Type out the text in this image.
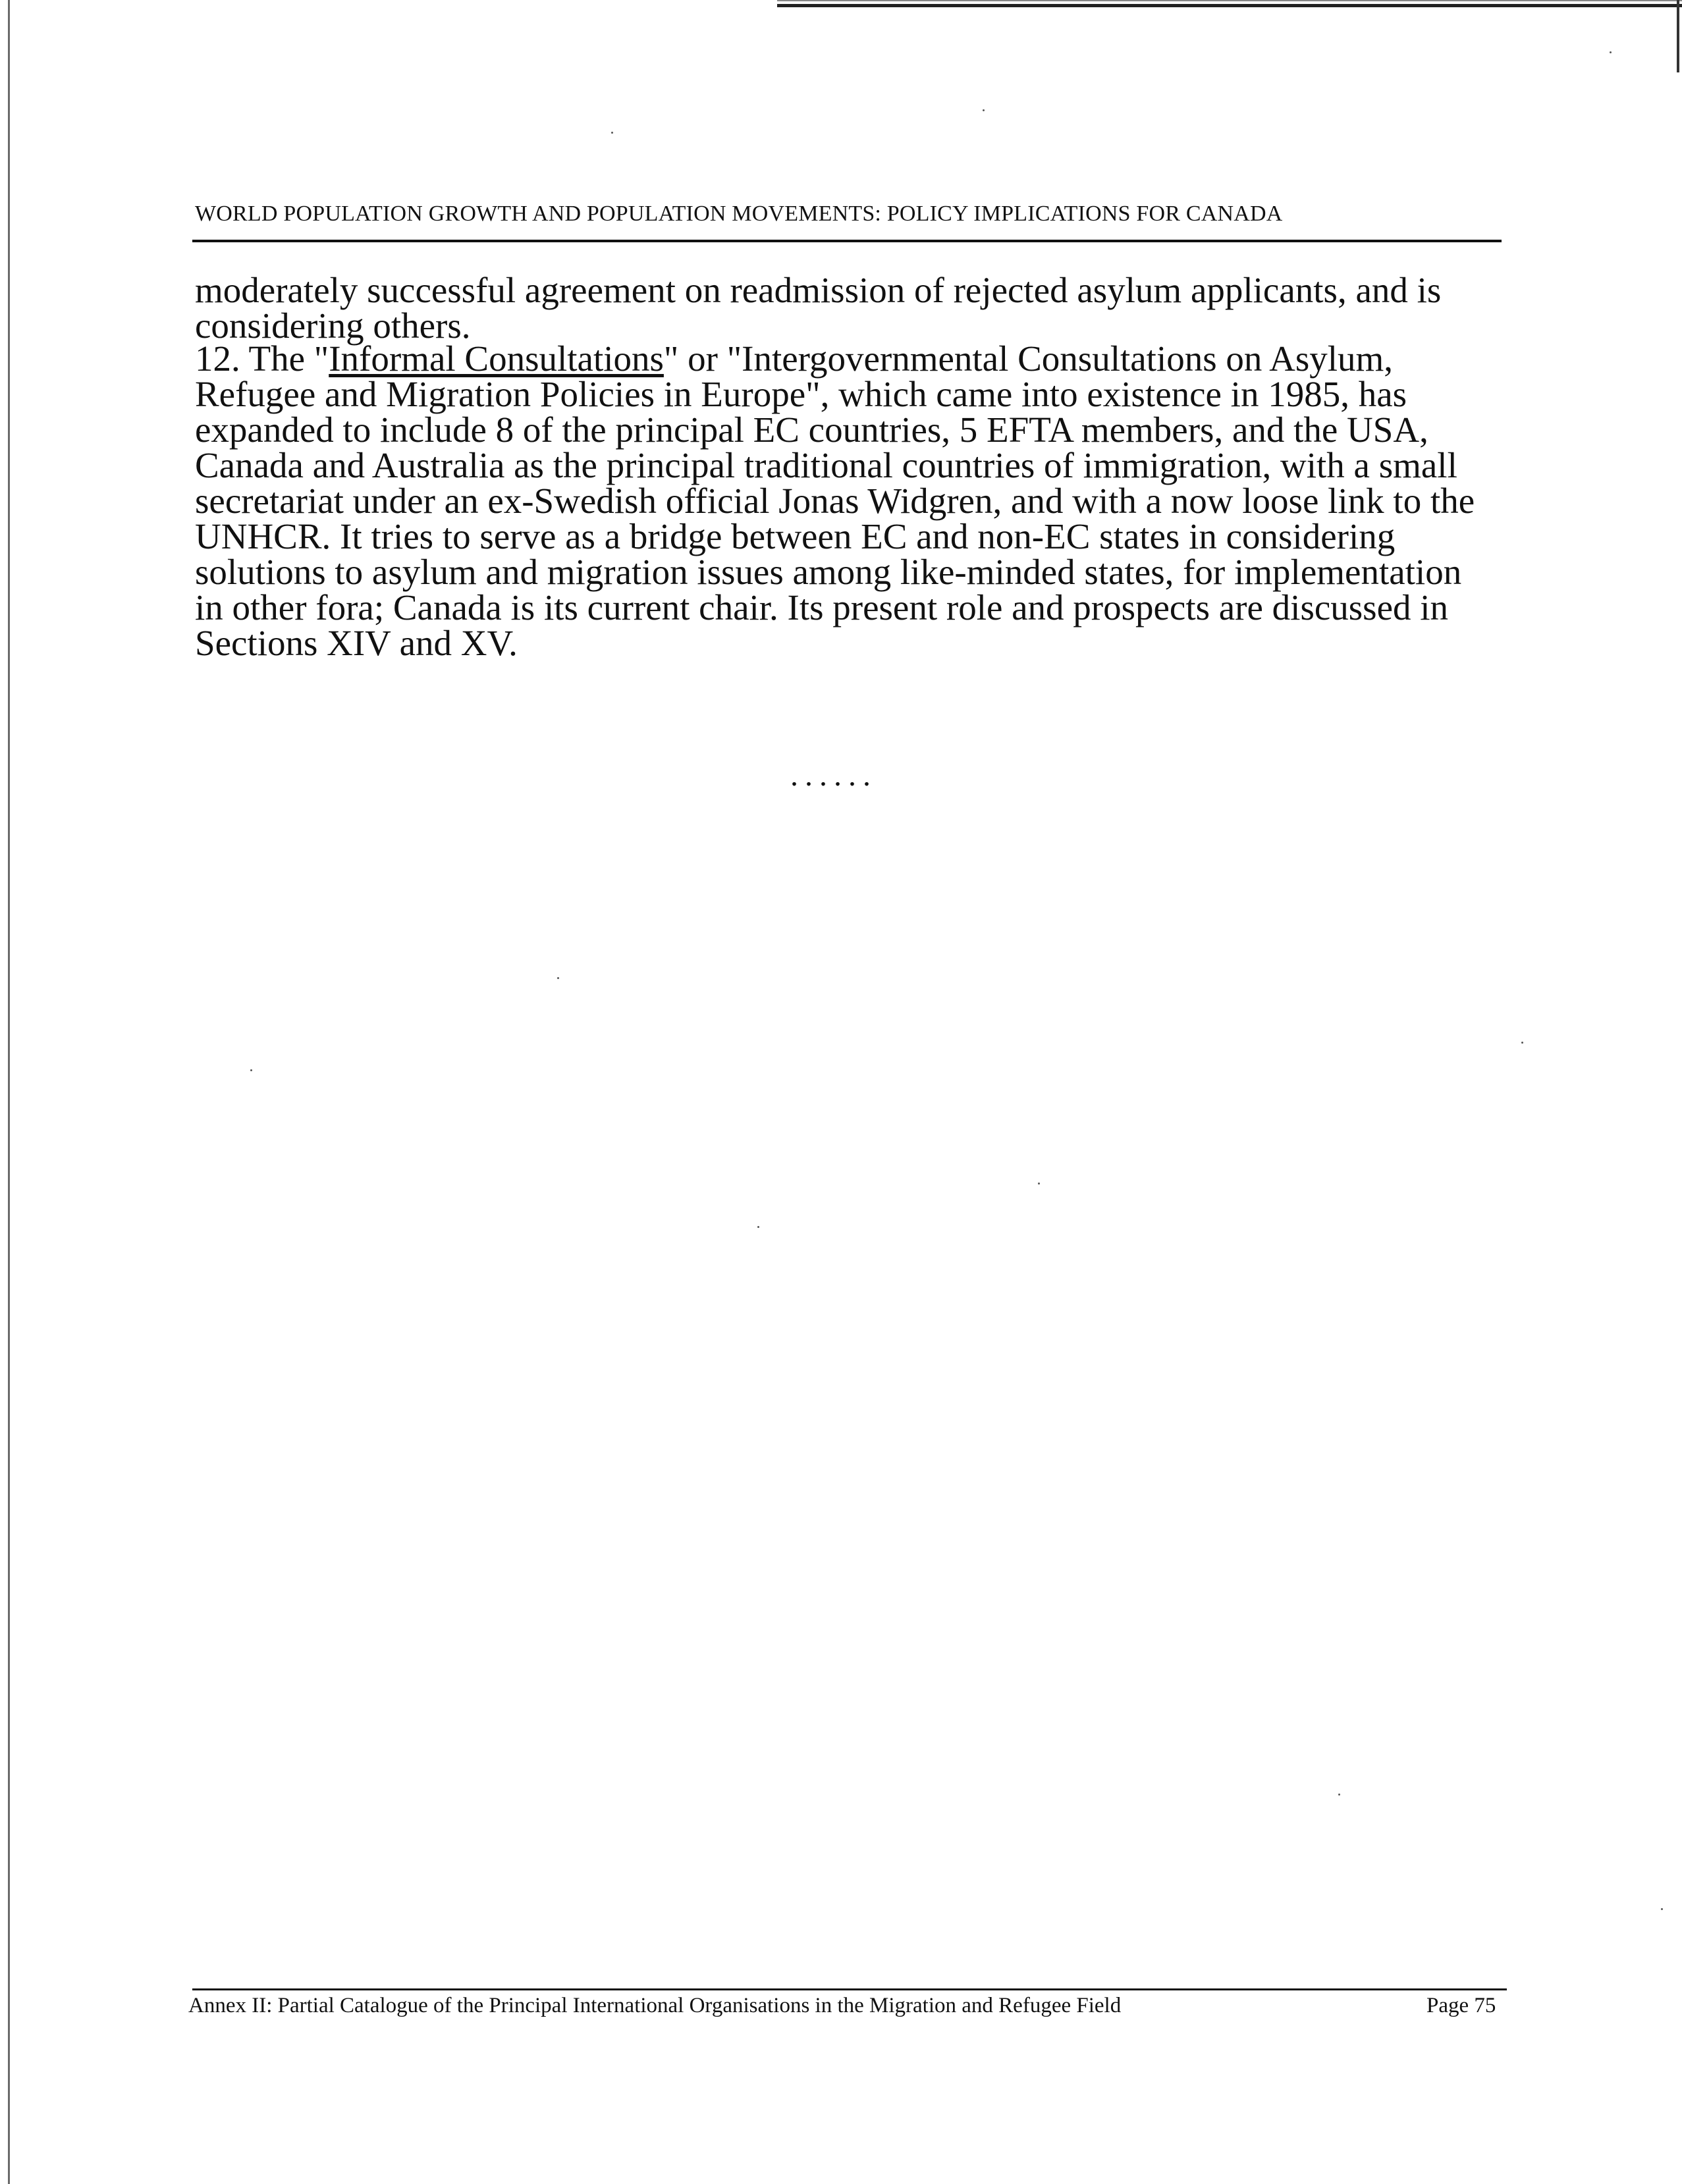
WORLD POPULATION GROWTH AND POPULATION MOVEMENTS: POLICY IMPLICATIONS FOR CANADA

moderately successful agreement on readmission of rejected asylum applicants, and is
considering others.

12. The "Informal Consultations" or "Intergovernmental Consultations on Asylum,
Refugee and Migration Policies in Europe", which came into existence in 1985, has
expanded to include 8 of the principal EC countries, 5 EFTA members, and the USA,
Canada and Australia as the principal traditional countries of immigration, with a small
secretariat under an ex-Swedish official Jonas Widgren, and with a now loose link to the
UNHCR. It tries to serve as a bridge between EC and non-EC states in considering
solutions to asylum and migration issues among like-minded states, for implementation
in other fora; Canada is its current chair. Its present role and prospects are discussed in
Sections XIV and XV.

......
Annex II: Partial Catalogue of the Principal International Organisations in the Migration and Refugee Field	Page 75
